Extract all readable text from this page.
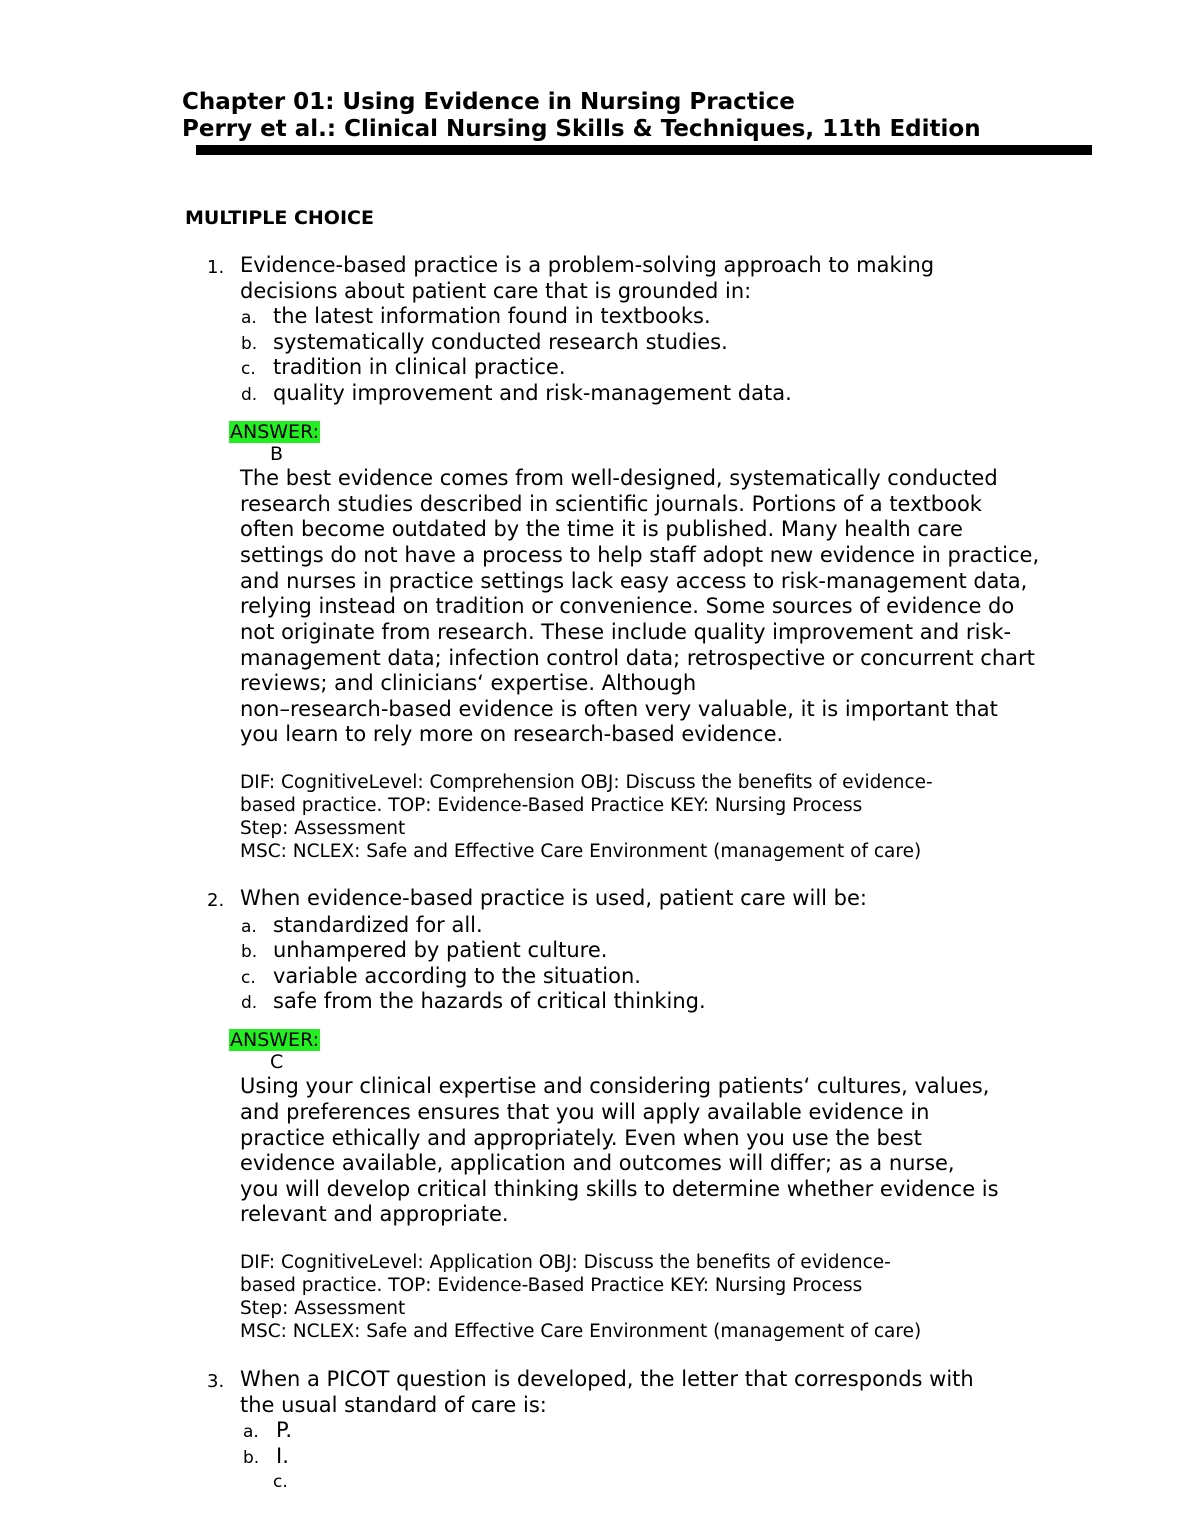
Chapter 01: Using Evidence in Nursing Practice
Perry et al.: Clinical Nursing Skills & Techniques, 11th Edition
MULTIPLE CHOICE
1. Evidence-based practice is a problem-solving approach to making
decisions about patient care that is grounded in:
a. the latest information found in textbooks.
b. systematically conducted research studies.
c. tradition in clinical practice.
d. quality improvement and risk-management data.
ANSWER:
B
The best evidence comes from well-designed, systematically conducted
research studies described in scientific journals. Portions of a textbook
often become outdated by the time it is published. Many health care
settings do not have a process to help staff adopt new evidence in practice,
and nurses in practice settings lack easy access to risk-management data,
relying instead on tradition or convenience. Some sources of evidence do
not originate from research. These include quality improvement and risk-
management data; infection control data; retrospective or concurrent chart
reviews; and clinicians‘ expertise. Although
non–research-based evidence is often very valuable, it is important that
you learn to rely more on research-based evidence.
DIF: CognitiveLevel: Comprehension OBJ: Discuss the benefits of evidence-
based practice. TOP: Evidence-Based Practice KEY: Nursing Process
Step: Assessment
MSC: NCLEX: Safe and Effective Care Environment (management of care)
2. When evidence-based practice is used, patient care will be:
a. standardized for all.
b. unhampered by patient culture.
c. variable according to the situation.
d. safe from the hazards of critical thinking.
ANSWER:
C
Using your clinical expertise and considering patients‘ cultures, values,
and preferences ensures that you will apply available evidence in
practice ethically and appropriately. Even when you use the best
evidence available, application and outcomes will differ; as a nurse,
you will develop critical thinking skills to determine whether evidence is
relevant and appropriate.
DIF: CognitiveLevel: Application OBJ: Discuss the benefits of evidence-
based practice. TOP: Evidence-Based Practice KEY: Nursing Process
Step: Assessment
MSC: NCLEX: Safe and Effective Care Environment (management of care)
3. When a PICOT question is developed, the letter that corresponds with
the usual standard of care is:
a. P.
b. I.
c.
